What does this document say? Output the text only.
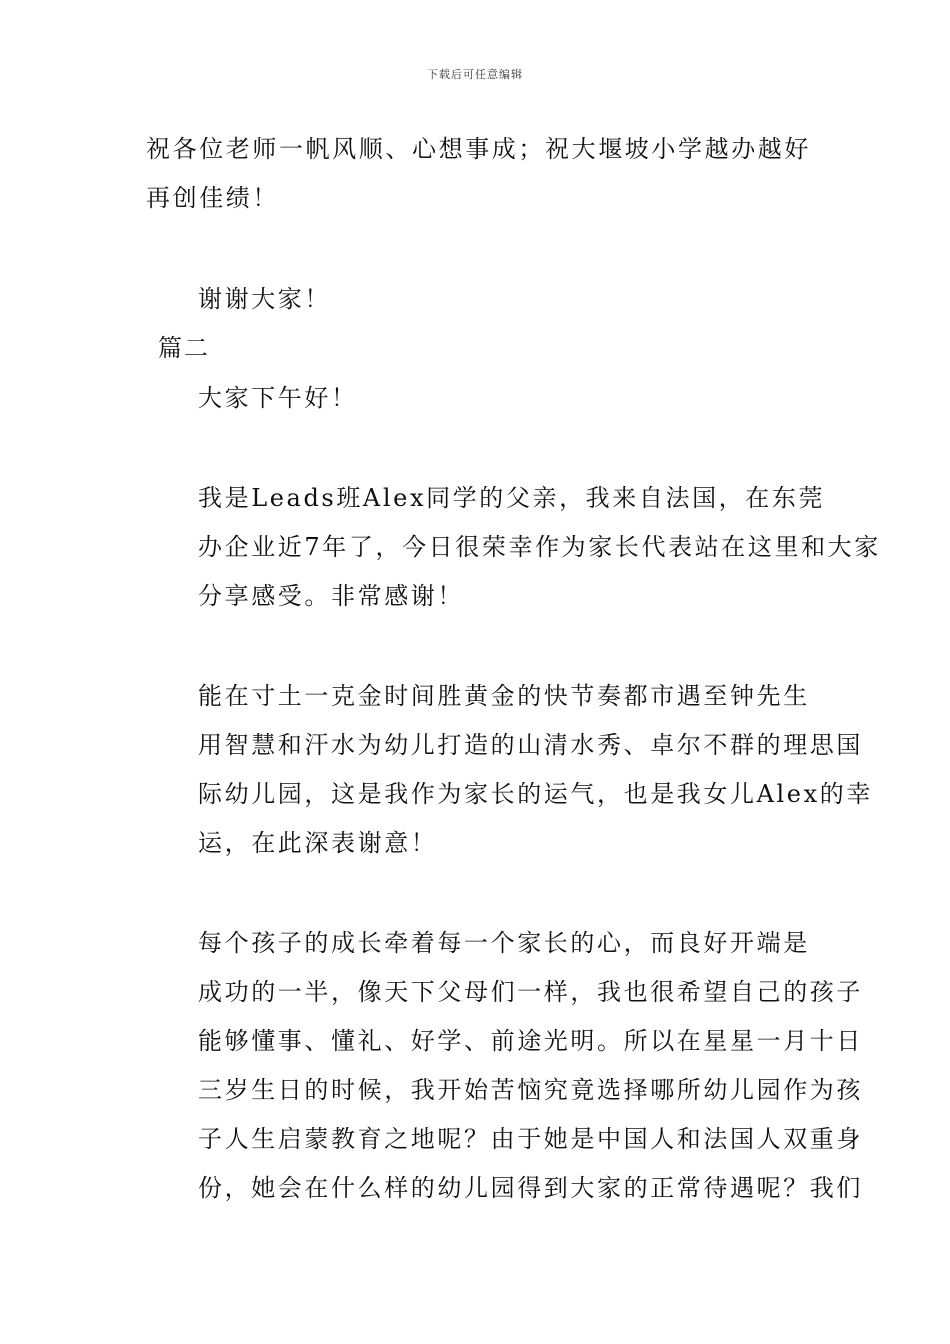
下载后可任意编辑
祝各位老师一帆风顺、心想事成；祝大堰坡小学越办越好
再创佳绩！
谢谢大家！
篇二
大家下午好！
我是Leads班Alex同学的父亲，我来自法国，在东莞
办企业近7年了，今日很荣幸作为家长代表站在这里和大家
分享感受。非常感谢！
能在寸土一克金时间胜黄金的快节奏都市遇至钟先生
用智慧和汗水为幼儿打造的山清水秀、卓尔不群的理思国
际幼儿园，这是我作为家长的运气，也是我女儿Alex的幸
运，在此深表谢意！
每个孩子的成长牵着每一个家长的心，而良好开端是
成功的一半，像天下父母们一样，我也很希望自己的孩子
能够懂事、懂礼、好学、前途光明。所以在星星一月十日
三岁生日的时候，我开始苦恼究竟选择哪所幼儿园作为孩
子人生启蒙教育之地呢？由于她是中国人和法国人双重身
份，她会在什么样的幼儿园得到大家的正常待遇呢？我们
